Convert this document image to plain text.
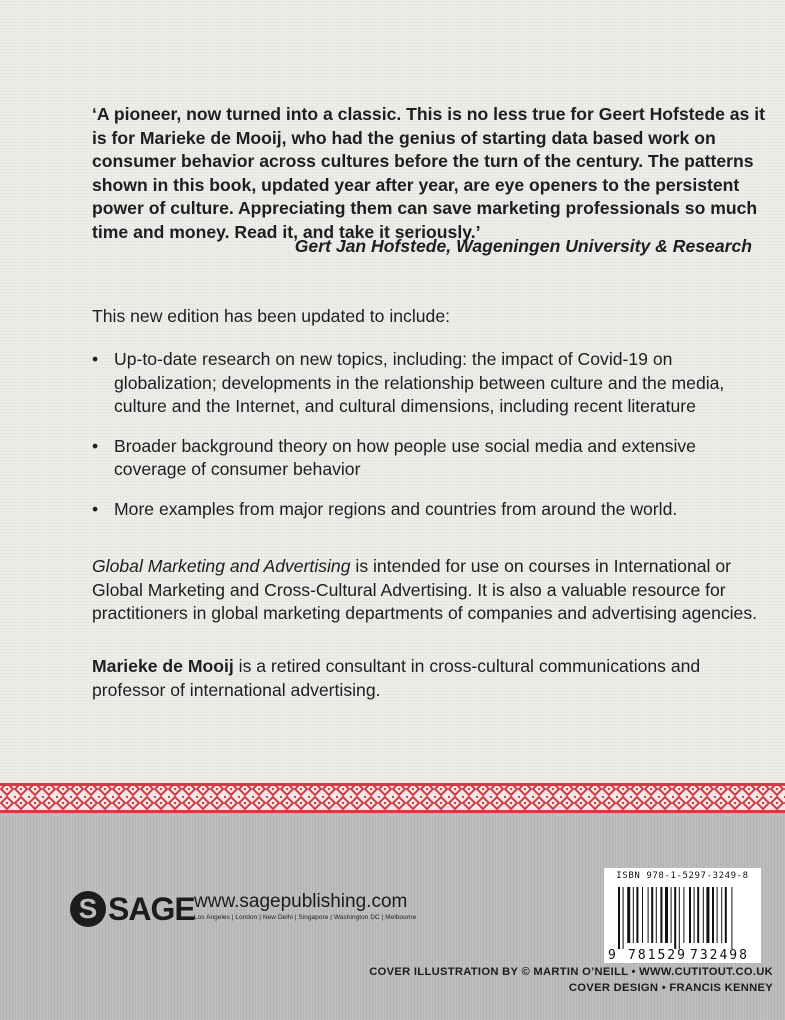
‘A pioneer, now turned into a classic. This is no less true for Geert Hofstede as it is for Marieke de Mooij, who had the genius of starting data based work on consumer behavior across cultures before the turn of the century. The patterns shown in this book, updated year after year, are eye openers to the persistent power of culture. Appreciating them can save marketing professionals so much time and money. Read it, and take it seriously.’
Gert Jan Hofstede, Wageningen University & Research
This new edition has been updated to include:
• Up-to-date research on new topics, including: the impact of Covid-19 on globalization; developments in the relationship between culture and the media, culture and the Internet, and cultural dimensions, including recent literature
• Broader background theory on how people use social media and extensive coverage of consumer behavior
• More examples from major regions and countries from around the world.
Global Marketing and Advertising is intended for use on courses in International or Global Marketing and Cross-Cultural Advertising. It is also a valuable resource for practitioners in global marketing departments of companies and advertising agencies.
Marieke de Mooij is a retired consultant in cross-cultural communications and professor of international advertising.
S SAGE www.sagepublishing.com
Los Angeles | London | New Delhi | Singapore | Washington DC | Melbourne
ISBN 978-1-5297-3249-8
9 781529 732498
COVER ILLUSTRATION BY © MARTIN O’NEILL • WWW.CUTITOUT.CO.UK
COVER DESIGN • FRANCIS KENNEY
